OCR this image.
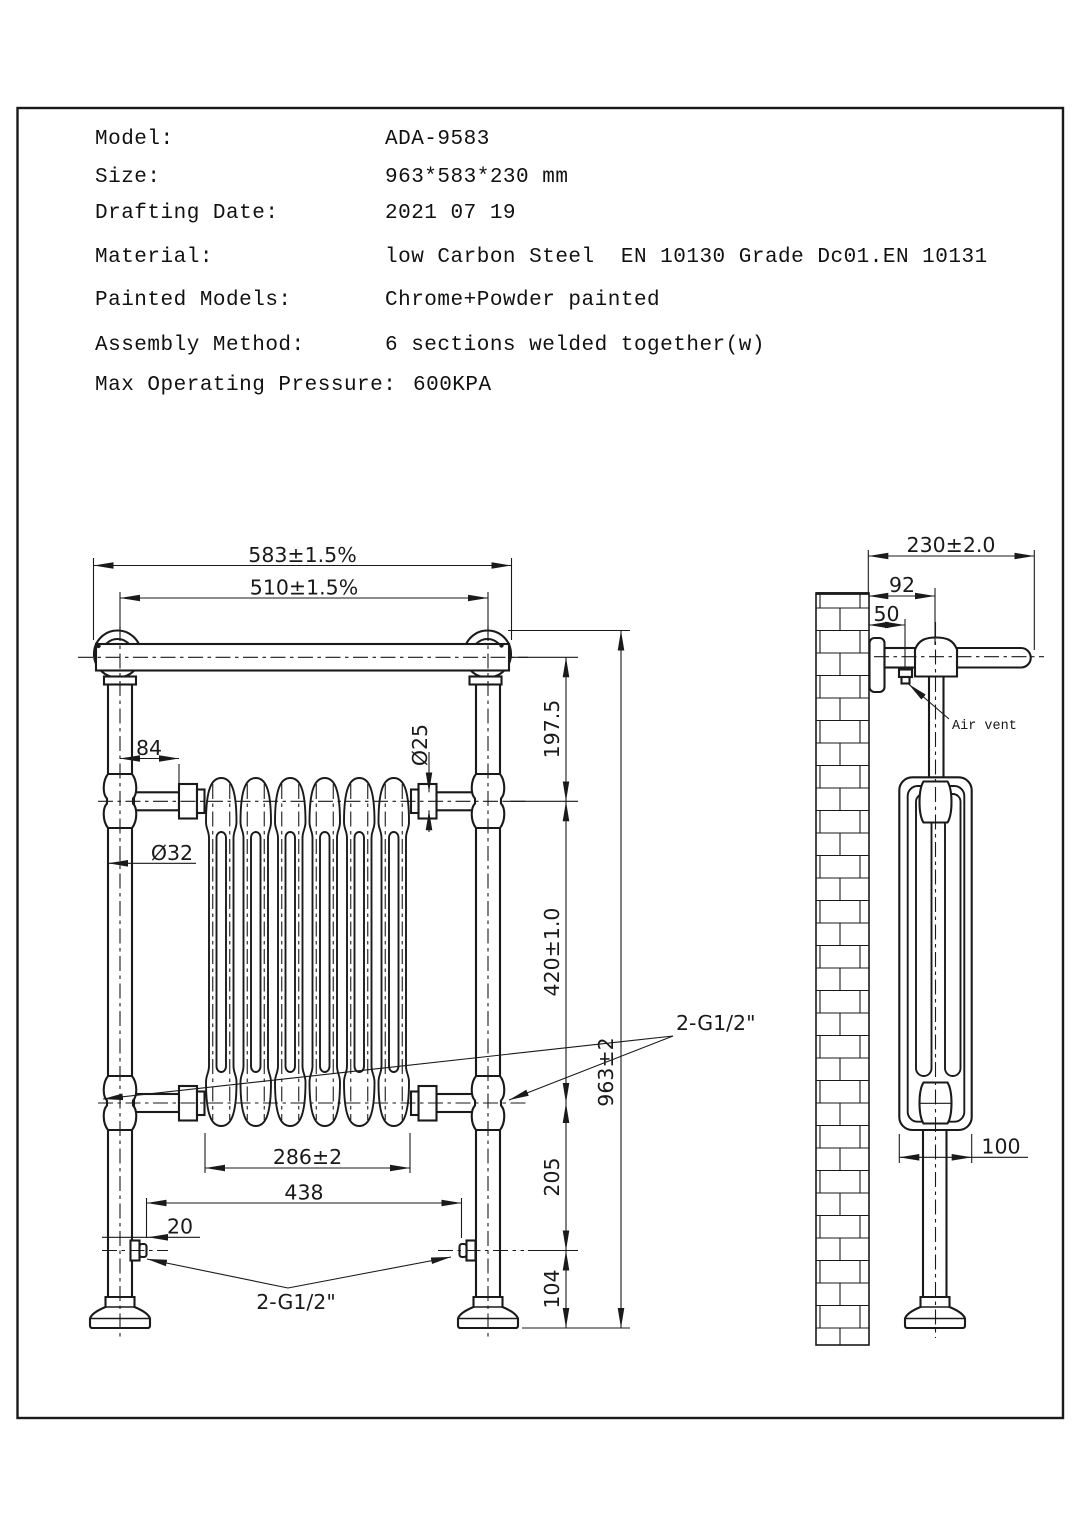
Model:	ADA-9583
Size:	963*583*230 mm
Drafting Date:	2021 07 19
Material:	low Carbon Steel  EN 10130 Grade Dc01.EN 10131
Painted Models:	Chrome+Powder painted
Assembly Method:	6 sections welded together(w)
Max Operating Pressure: 600KPA
583±1.5%
510±1.5%
84	Ø25
Ø32
197.5
420±1.0
205
104
963±2
286±2
438
20
2-G1/2"
2-G1/2"
230±2.0
92
50
100
Air vent
